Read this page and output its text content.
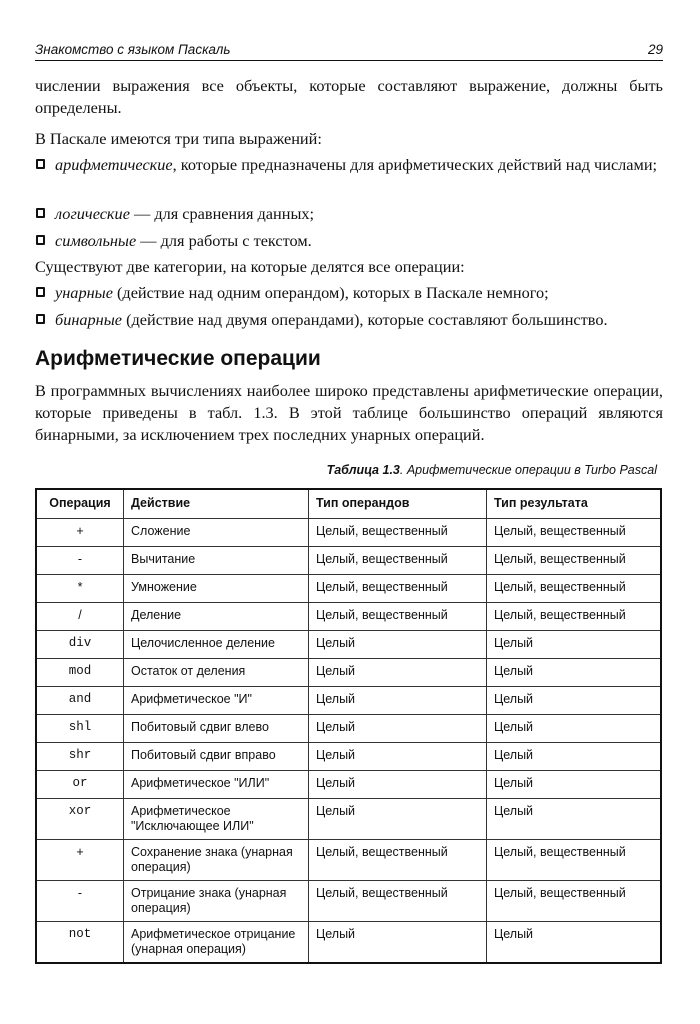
Знакомство с языком Паскаль	29

числении выражения все объекты, которые составляют выражение, должны быть определены.

В Паскале имеются три типа выражений:

арифметические, которые предназначены для арифметических действий над числами;

логические — для сравнения данных;

символьные — для работы с текстом.

Существуют две категории, на которые делятся все операции:

унарные (действие над одним операндом), которых в Паскале немного;

бинарные (действие над двумя операндами), которые составляют большинство.

В программных вычислениях наиболее широко представлены арифметические операции, которые приведены в табл. 1.3. В этой таблице большинство операций являются бинарными, за исключением трех последних унарных операций.

Арифметические операции
Таблица 1.3. Арифметические операции в Turbo Pascal
Операция	Действие	Тип операндов	Тип результата
+	Сложение	Целый, вещественный	Целый, вещественный
-	Вычитание	Целый, вещественный	Целый, вещественный
*	Умножение	Целый, вещественный	Целый, вещественный
/	Деление	Целый, вещественный	Целый, вещественный
div	Целочисленное деление	Целый	Целый
mod	Остаток от деления	Целый	Целый
and	Арифметическое "И"	Целый	Целый
shl	Побитовый сдвиг влево	Целый	Целый
shr	Побитовый сдвиг вправо	Целый	Целый
or	Арифметическое "ИЛИ"	Целый	Целый
xor	Арифметическое "Исключающее ИЛИ"	Целый	Целый
+	Сохранение знака (унарная операция)	Целый, вещественный	Целый, вещественный
-	Отрицание знака (унарная операция)	Целый, вещественный	Целый, вещественный
not	Арифметическое отрицание (унарная операция)	Целый	Целый
